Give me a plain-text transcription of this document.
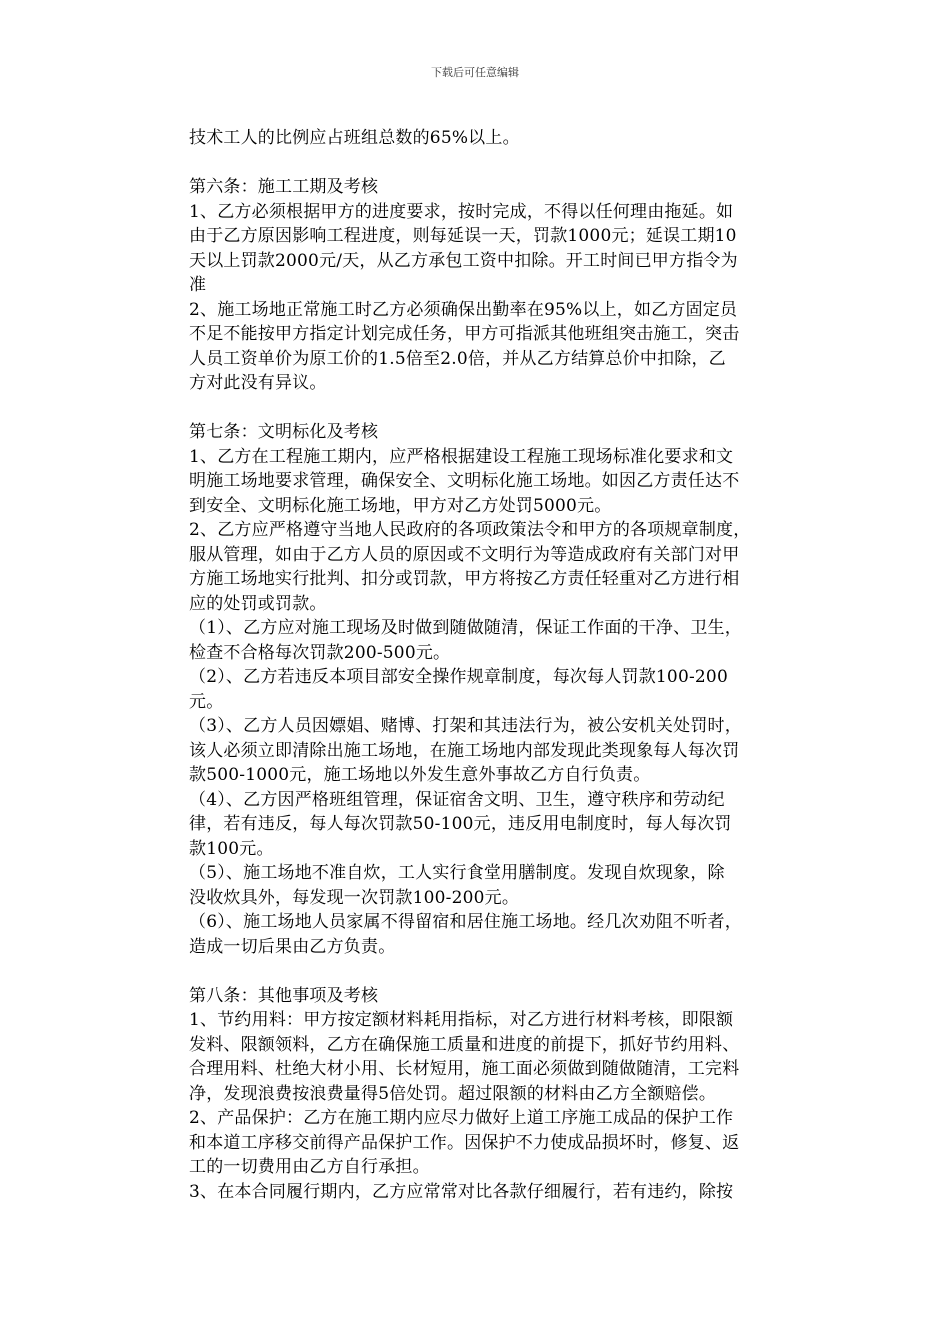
下载后可任意编辑
技术工人的比例应占班组总数的65%以上。
第六条：施工工期及考核
1、乙方必须根据甲方的进度要求，按时完成，不得以任何理由拖延。如
由于乙方原因影响工程进度，则每延误一天，罚款1000元；延误工期10
天以上罚款2000元/天，从乙方承包工资中扣除。开工时间已甲方指令为
准
2、施工场地正常施工时乙方必须确保出勤率在95%以上，如乙方固定员
不足不能按甲方指定计划完成任务，甲方可指派其他班组突击施工，突击
人员工资单价为原工价的1.5倍至2.0倍，并从乙方结算总价中扣除，乙
方对此没有异议。
第七条：文明标化及考核
1、乙方在工程施工期内，应严格根据建设工程施工现场标准化要求和文
明施工场地要求管理，确保安全、文明标化施工场地。如因乙方责任达不
到安全、文明标化施工场地，甲方对乙方处罚5000元。
2、乙方应严格遵守当地人民政府的各项政策法令和甲方的各项规章制度，
服从管理，如由于乙方人员的原因或不文明行为等造成政府有关部门对甲
方施工场地实行批判、扣分或罚款，甲方将按乙方责任轻重对乙方进行相
应的处罚或罚款。
（1）、乙方应对施工现场及时做到随做随清，保证工作面的干净、卫生，
检查不合格每次罚款200-500元。
（2）、乙方若违反本项目部安全操作规章制度，每次每人罚款100-200
元。
（3）、乙方人员因嫖娼、赌博、打架和其违法行为，被公安机关处罚时，
该人必须立即清除出施工场地，在施工场地内部发现此类现象每人每次罚
款500-1000元，施工场地以外发生意外事故乙方自行负责。
（4）、乙方因严格班组管理，保证宿舍文明、卫生，遵守秩序和劳动纪
律，若有违反，每人每次罚款50-100元，违反用电制度时，每人每次罚
款100元。
（5）、施工场地不准自炊，工人实行食堂用膳制度。发现自炊现象，除
没收炊具外，每发现一次罚款100-200元。
（6）、施工场地人员家属不得留宿和居住施工场地。经几次劝阻不听者，
造成一切后果由乙方负责。
第八条：其他事项及考核
1、节约用料：甲方按定额材料耗用指标，对乙方进行材料考核，即限额
发料、限额领料，乙方在确保施工质量和进度的前提下，抓好节约用料、
合理用料、杜绝大材小用、长材短用，施工面必须做到随做随清，工完料
净，发现浪费按浪费量得5倍处罚。超过限额的材料由乙方全额赔偿。
2、产品保护：乙方在施工期内应尽力做好上道工序施工成品的保护工作
和本道工序移交前得产品保护工作。因保护不力使成品损坏时，修复、返
工的一切费用由乙方自行承担。
3、在本合同履行期内，乙方应常常对比各款仔细履行，若有违约，除按
